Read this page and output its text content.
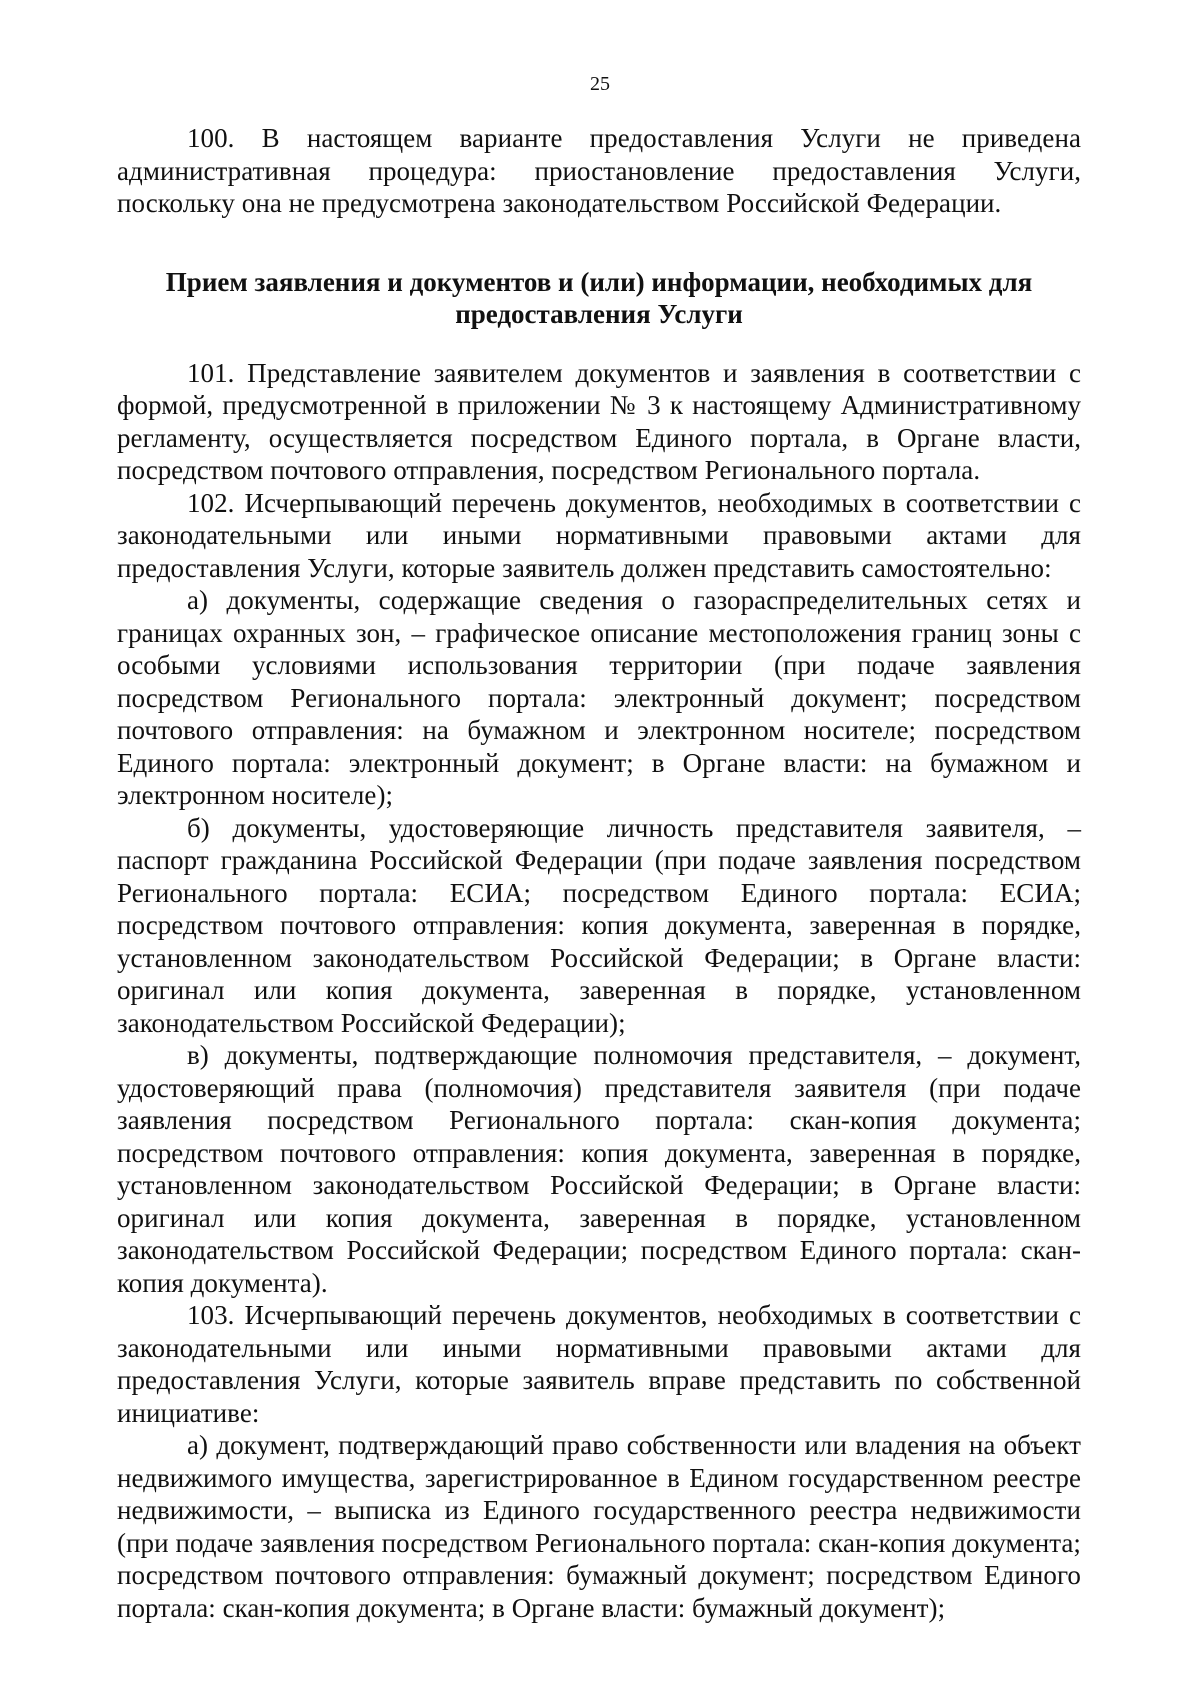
25

100. В настоящем варианте предоставления Услуги не приведена административная процедура: приостановление предоставления Услуги, поскольку она не предусмотрена законодательством Российской Федерации.

Прием заявления и документов и (или) информации, необходимых для предоставления Услуги

101. Представление заявителем документов и заявления в соответствии с формой, предусмотренной в приложении № 3 к настоящему Административному регламенту, осуществляется посредством Единого портала, в Органе власти, посредством почтового отправления, посредством Регионального портала.

102. Исчерпывающий перечень документов, необходимых в соответствии с законодательными или иными нормативными правовыми актами для предоставления Услуги, которые заявитель должен представить самостоятельно:

а) документы, содержащие сведения о газораспределительных сетях и границах охранных зон, – графическое описание местоположения границ зоны с особыми условиями использования территории (при подаче заявления посредством Регионального портала: электронный документ; посредством почтового отправления: на бумажном и электронном носителе; посредством Единого портала: электронный документ; в Органе власти: на бумажном и электронном носителе);

б) документы, удостоверяющие личность представителя заявителя, – паспорт гражданина Российской Федерации (при подаче заявления посредством Регионального портала: ЕСИА; посредством Единого портала: ЕСИА; посредством почтового отправления: копия документа, заверенная в порядке, установленном законодательством Российской Федерации; в Органе власти: оригинал или копия документа, заверенная в порядке, установленном законодательством Российской Федерации);

в) документы, подтверждающие полномочия представителя, – документ, удостоверяющий права (полномочия) представителя заявителя (при подаче заявления посредством Регионального портала: скан-копия документа; посредством почтового отправления: копия документа, заверенная в порядке, установленном законодательством Российской Федерации; в Органе власти: оригинал или копия документа, заверенная в порядке, установленном законодательством Российской Федерации; посредством Единого портала: скан-копия документа).

103. Исчерпывающий перечень документов, необходимых в соответствии с законодательными или иными нормативными правовыми актами для предоставления Услуги, которые заявитель вправе представить по собственной инициативе:

а) документ, подтверждающий право собственности или владения на объект недвижимого имущества, зарегистрированное в Едином государственном реестре недвижимости, – выписка из Единого государственного реестра недвижимости (при подаче заявления посредством Регионального портала: скан-копия документа; посредством почтового отправления: бумажный документ; посредством Единого портала: скан-копия документа; в Органе власти: бумажный документ);
